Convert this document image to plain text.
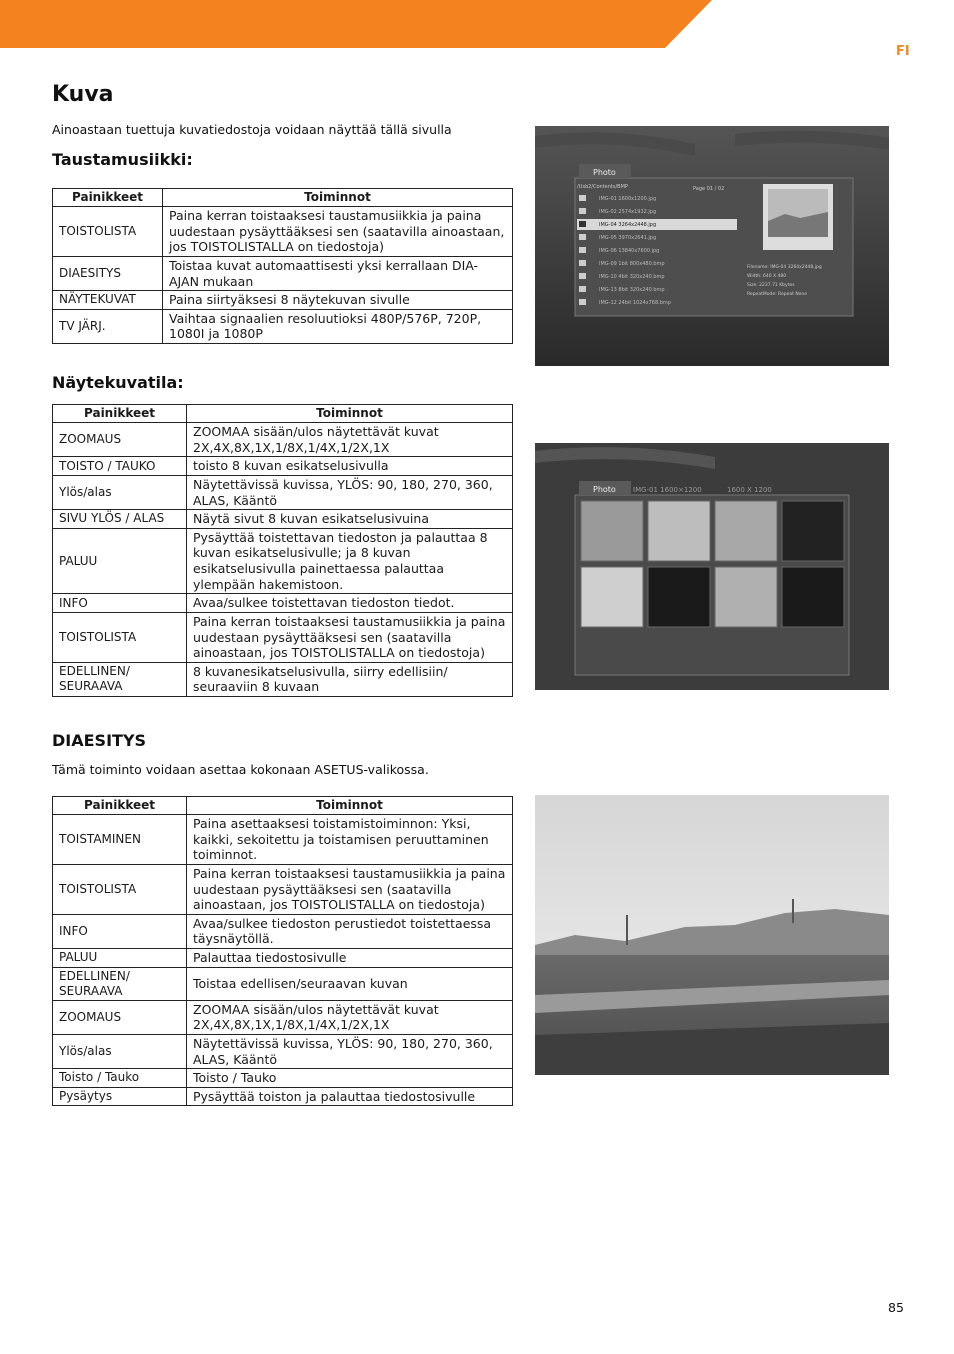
FI
Kuva

Ainoastaan tuettuja kuvatiedostoja voidaan näyttää tällä sivulla

Taustamusiikki:
Painikkeet	Toiminnot
TOISTOLISTA	Paina kerran toistaaksesi taustamusiikkia ja paina uudestaan pysäyttääksesi sen (saatavilla ainoastaan, jos TOISTOLISTALLA on tiedostoja)
DIAESITYS	Toistaa kuvat automaattisesti yksi kerrallaan DIA-AJAN mukaan
NÄYTEKUVAT	Paina siirtyäksesi 8 näytekuvan sivulle
TV JÄRJ.	Vaihtaa signaalien resoluutioksi 480P/576P, 720P, 1080I ja 1080P
Näytekuvatila:
Painikkeet	Toiminnot
ZOOMAUS	ZOOMAA sisään/ulos näytettävät kuvat 2X,4X,8X,1X,1/8X,1/4X,1/2X,1X
TOISTO / TAUKO	toisto 8 kuvan esikatselusivulla
Ylös/alas	Näytettävissä kuvissa, YLÖS: 90, 180, 270, 360, ALAS, Kääntö
SIVU YLÖS / ALAS	Näytä sivut 8 kuvan esikatselusivuina
PALUU	Pysäyttää toistettavan tiedoston ja palauttaa 8 kuvan esikatselusivulle; ja 8 kuvan esikatselusivulla painettaessa palauttaa ylempään hakemistoon.
INFO	Avaa/sulkee toistettavan tiedoston tiedot.
TOISTOLISTA	Paina kerran toistaaksesi taustamusiikkia ja paina uudestaan pysäyttääksesi sen (saatavilla ainoastaan, jos TOISTOLISTALLA on tiedostoja)
EDELLINEN/ SEURAAVA	8 kuvanesikatselusivulla, siirry edellisiin/ seuraaviin 8 kuvaan
DIAESITYS

Tämä toiminto voidaan asettaa kokonaan ASETUS-valikossa.

Painikkeet	Toiminnot
TOISTAMINEN	Paina asettaaksesi toistamistoiminnon: Yksi, kaikki, sekoitettu ja toistamisen peruuttaminen toiminnot.
TOISTOLISTA	Paina kerran toistaaksesi taustamusiikkia ja paina uudestaan pysäyttääksesi sen (saatavilla ainoastaan, jos TOISTOLISTALLA on tiedostoja)
INFO	Avaa/sulkee tiedoston perustiedot toistettaessa täysnäytöllä.
PALUU	Palauttaa tiedostosivulle
EDELLINEN/ SEURAAVA	Toistaa edellisen/seuraavan kuvan
ZOOMAUS	ZOOMAA sisään/ulos näytettävät kuvat 2X,4X,8X,1X,1/8X,1/4X,1/2X,1X
Ylös/alas	Näytettävissä kuvissa, YLÖS: 90, 180, 270, 360, ALAS, Kääntö
Toisto / Tauko	Toisto / Tauko
Pysäytys	Pysäyttää toiston ja palauttaa tiedostosivulle
Photo
/Usb2/Contents/BMP	Page 01 / 02
IMG-01 1600x1200.jpg
IMG-02 2574x1932.jpg
IMG-04 3264x2448.jpg
IMG-05 3970x2641.jpg
IMG-06 13840x7600.jpg
IMG-09 1bit 800x480.bmp
IMG-10 4bit 320x240.bmp
IMG-13 8bit 320x240.bmp
IMG-12 24bit 1024x768.bmp
Filename: IMG-04 3264x2448.jpg
Width: 640 X 480
Size: 2237.71 Kbytes
RepeatMode: Repeat None
Photo IMG-01 1600×1200	1600 X 1200
85
